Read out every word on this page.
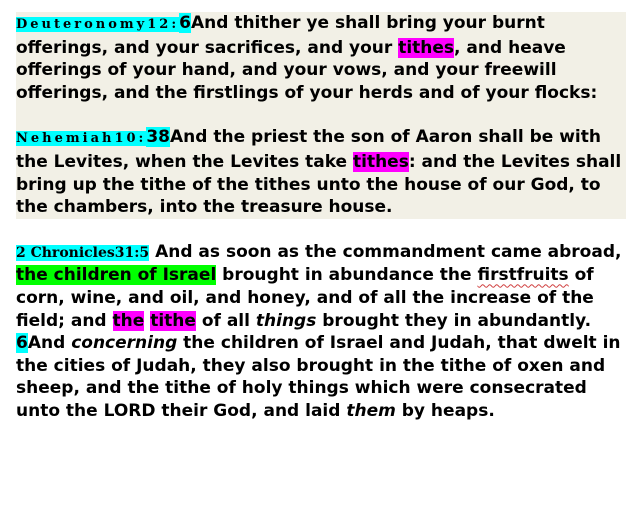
Deuteronomy12:6And thither ye shall bring your burnt offerings, and your sacrifices, and your tithes, and heave offerings of your hand, and your vows, and your freewill offerings, and the firstlings of your herds and of your flocks:

Nehemiah10:38And the priest the son of Aaron shall be with the Levites, when the Levites take tithes: and the Levites shall bring up the tithe of the tithes unto the house of our God, to the chambers, into the treasure house.

2 Chronicles31:5 And as soon as the commandment came abroad, the children of Israel brought in abundance the firstfruits of corn, wine, and oil, and honey, and of all the increase of the field; and the tithe of all things brought they in abundantly.
6And concerning the children of Israel and Judah, that dwelt in the cities of Judah, they also brought in the tithe of oxen and sheep, and the tithe of holy things which were consecrated unto the LORD their God, and laid them by heaps.
